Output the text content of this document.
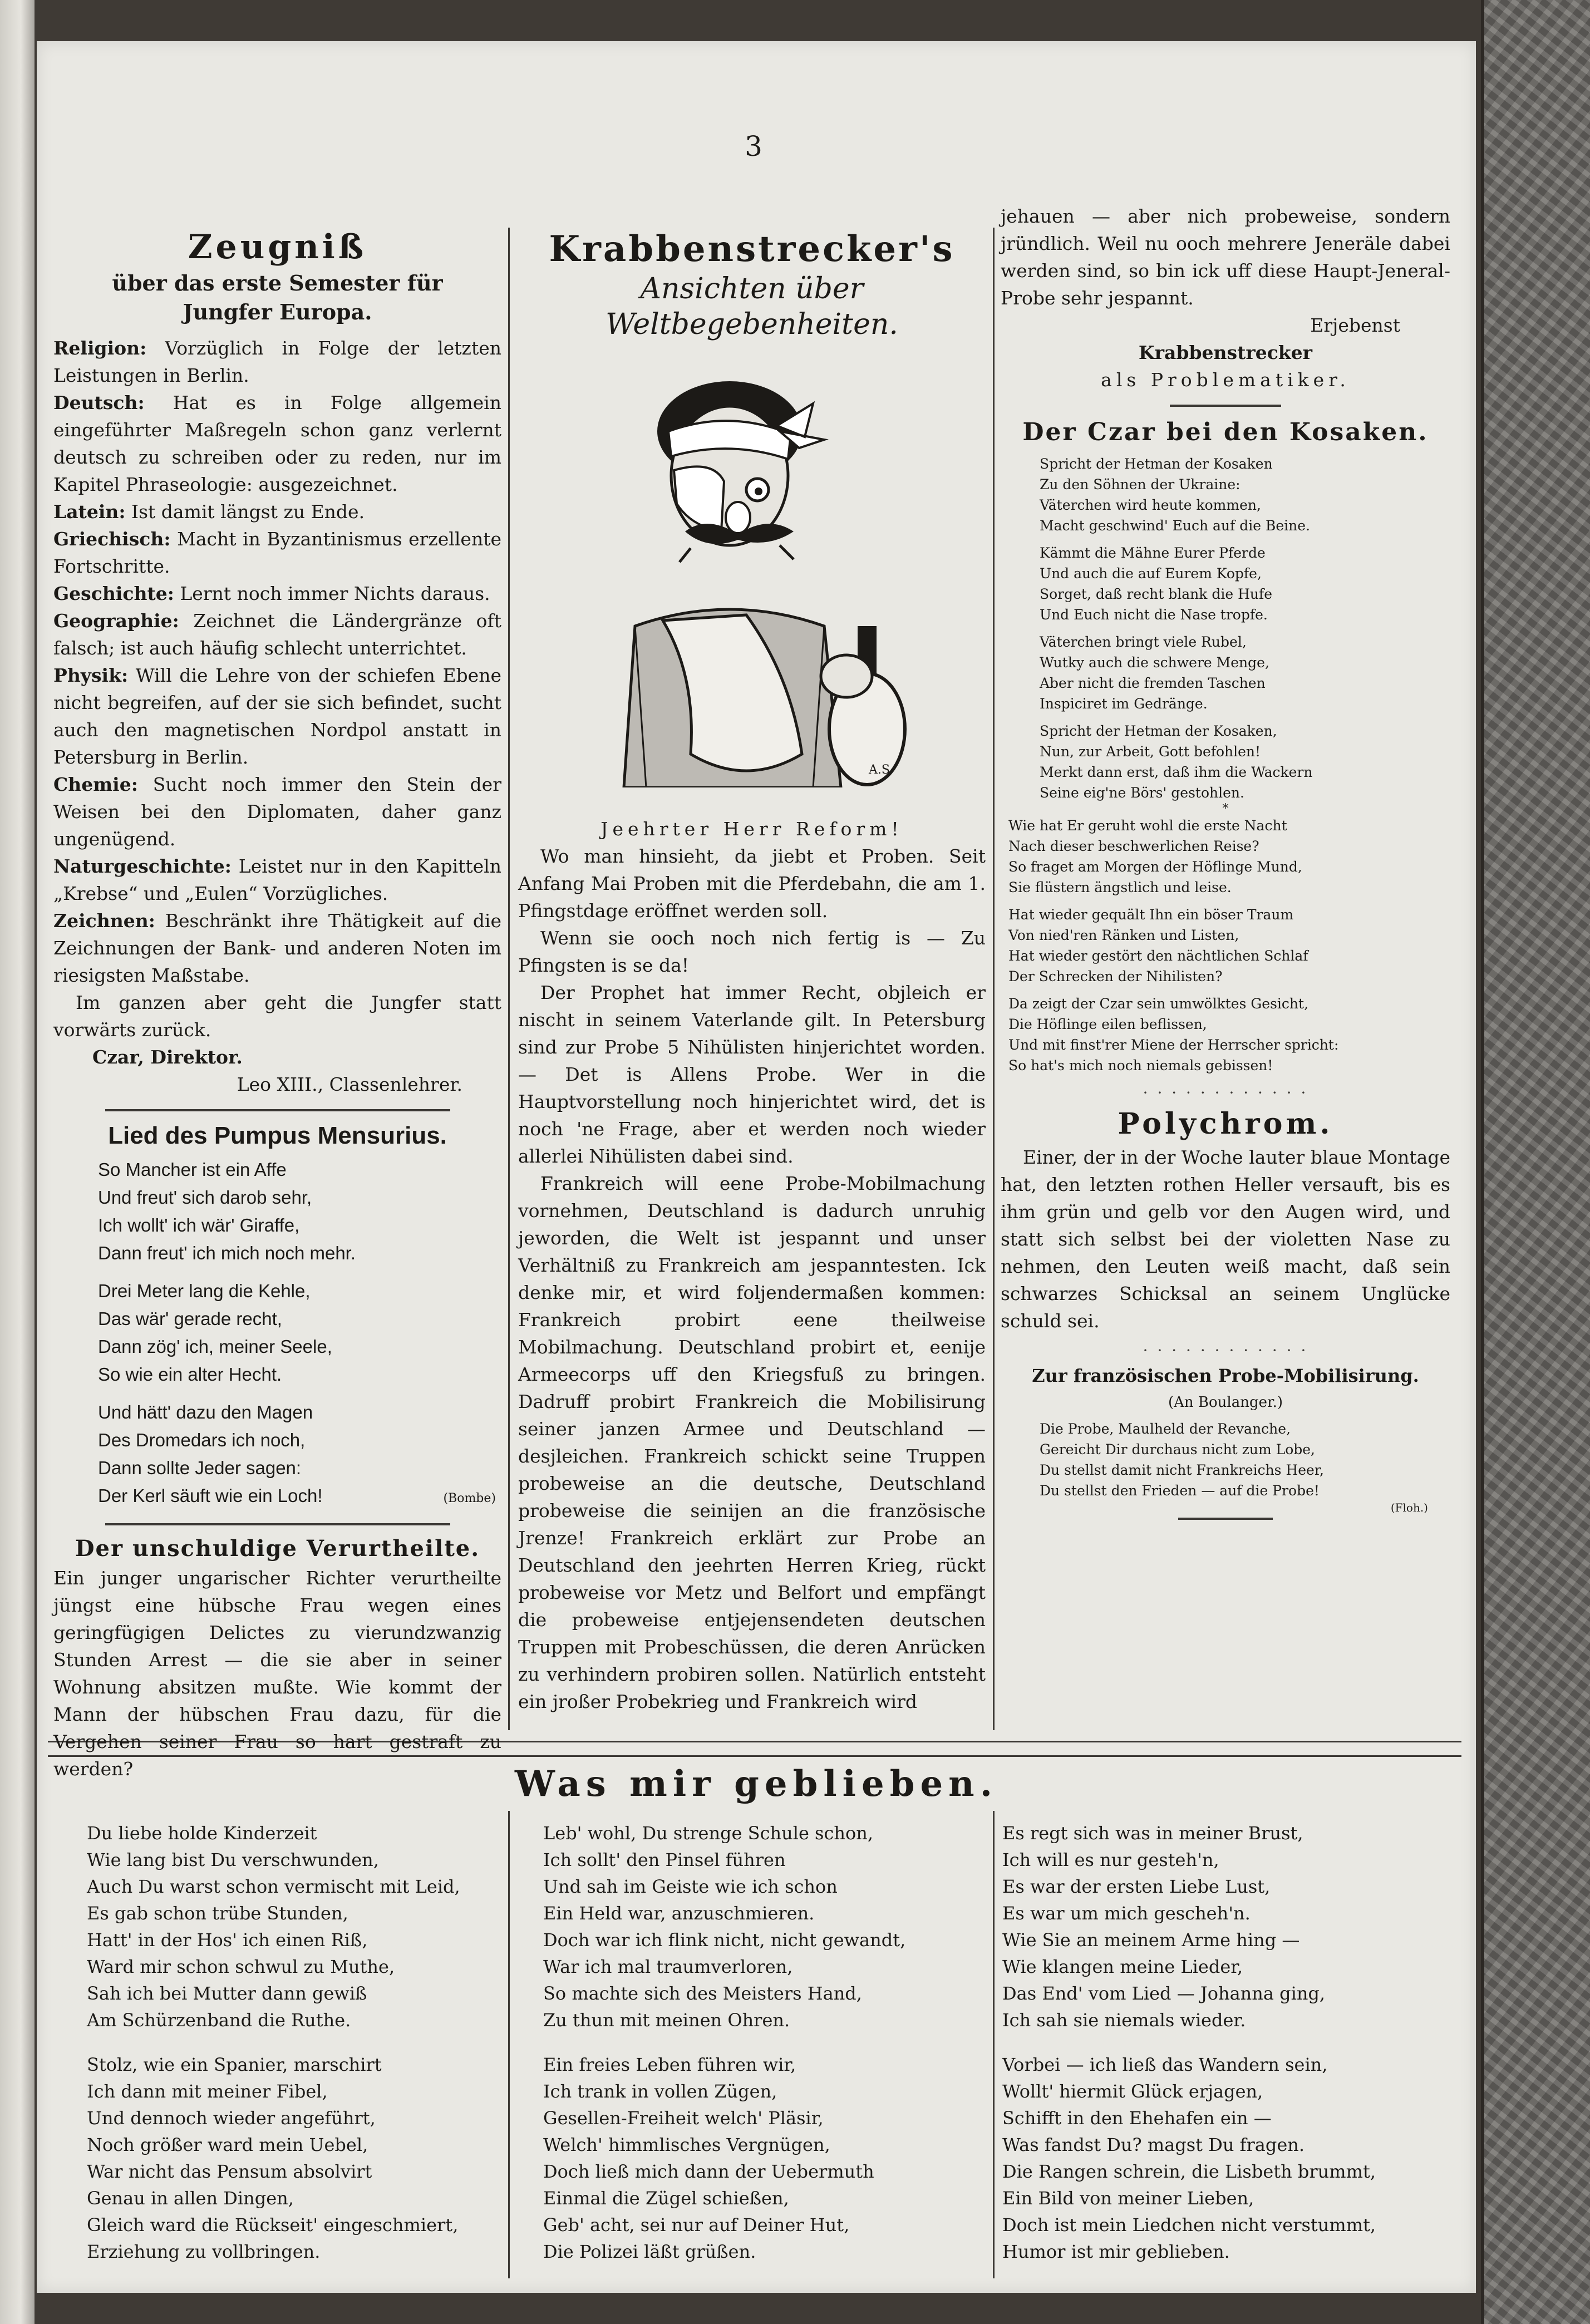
3
Zeugniß
über das erste Semester für Jungfer Europa.

Religion: Vorzüglich in Folge der letzten Leistungen in Berlin.

Deutsch: Hat es in Folge allgemein eingeführter Maßregeln schon ganz verlernt deutsch zu schreiben oder zu reden, nur im Kapitel Phraseologie: ausgezeichnet.

Latein: Ist damit längst zu Ende.

Griechisch: Macht in Byzantinismus erzellente Fortschritte.

Geschichte: Lernt noch immer Nichts daraus.

Geographie: Zeichnet die Ländergränze oft falsch; ist auch häufig schlecht unterrichtet.

Physik: Will die Lehre von der schiefen Ebene nicht begreifen, auf der sie sich befindet, sucht auch den magnetischen Nordpol anstatt in Petersburg in Berlin.

Chemie: Sucht noch immer den Stein der Weisen bei den Diplomaten, daher ganz ungenügend.

Naturgeschichte: Leistet nur in den Kapitteln „Krebse“ und „Eulen“ Vorzügliches.

Zeichnen: Beschränkt ihre Thätigkeit auf die Zeichnungen der Bank- und anderen Noten im riesigsten Maßstabe.

Im ganzen aber geht die Jungfer statt vorwärts zurück.

Czar, Direktor.

Leo XIII., Classenlehrer.

Lied des Pumpus Mensurius.

So Mancher ist ein Affe
Und freut' sich darob sehr,
Ich wollt' ich wär' Giraffe,
Dann freut' ich mich noch mehr.

Drei Meter lang die Kehle,
Das wär' gerade recht,
Dann zög' ich, meiner Seele,
So wie ein alter Hecht.

Und hätt' dazu den Magen
Des Dromedars ich noch,
Dann sollte Jeder sagen:
Der Kerl säuft wie ein Loch!	(Bombe)
Der unschuldige Verurtheilte.

Ein junger ungarischer Richter verurtheilte jüngst eine hübsche Frau wegen eines geringfügigen Delictes zu vierundzwanzig Stunden Arrest — die sie aber in seiner Wohnung absitzen mußte. Wie kommt der Mann der hübschen Frau dazu, für die Vergehen seiner Frau so hart gestraft zu werden?

Krabbenstrecker's
Ansichten über Weltbegebenheiten.
A.S.

Jeehrter Herr Reform!

Wo man hinsieht, da jiebt et Proben. Seit Anfang Mai Proben mit die Pferdebahn, die am 1. Pfingstdage eröffnet werden soll.

Wenn sie ooch noch nich fertig is — Zu Pfingsten is se da!

Der Prophet hat immer Recht, objleich er nischt in seinem Vaterlande gilt. In Petersburg sind zur Probe 5 Nihülisten hinjerichtet worden. — Det is Allens Probe. Wer in die Hauptvorstellung noch hinjerichtet wird, det is noch 'ne Frage, aber et werden noch wieder allerlei Nihülisten dabei sind.

Frankreich will eene Probe-Mobilmachung vornehmen, Deutschland is dadurch unruhig jeworden, die Welt ist jespannt und unser Verhältniß zu Frankreich am jespanntesten. Ick denke mir, et wird foljendermaßen kommen: Frankreich probirt eene theilweise Mobilmachung. Deutschland probirt et, eenije Armeecorps uff den Kriegsfuß zu bringen. Dadruff probirt Frankreich die Mobilisirung seiner janzen Armee und Deutschland — desjleichen. Frankreich schickt seine Truppen probeweise an die deutsche, Deutschland probeweise die seinijen an die französische Jrenze! Frankreich erklärt zur Probe an Deutschland den jeehrten Herren Krieg, rückt probeweise vor Metz und Belfort und empfängt die probeweise entjejensendeten deutschen Truppen mit Probeschüssen, die deren Anrücken zu verhindern probiren sollen. Natürlich entsteht ein jroßer Probekrieg und Frankreich wird

jehauen — aber nich probeweise, sondern jründlich. Weil nu ooch mehrere Jeneräle dabei werden sind, so bin ick uff diese Haupt-Jeneral-Probe sehr jespannt.

Erjebenst

Krabbenstrecker

als Problematiker.

Der Czar bei den Kosaken.

Spricht der Hetman der Kosaken
Zu den Söhnen der Ukraine:
Väterchen wird heute kommen,
Macht geschwind' Euch auf die Beine.

Kämmt die Mähne Eurer Pferde
Und auch die auf Eurem Kopfe,
Sorget, daß recht blank die Hufe
Und Euch nicht die Nase tropfe.

Väterchen bringt viele Rubel,
Wutky auch die schwere Menge,
Aber nicht die fremden Taschen
Inspiciret im Gedränge.

Spricht der Hetman der Kosaken,
Nun, zur Arbeit, Gott befohlen!
Merkt dann erst, daß ihm die Wackern
Seine eig'ne Börs' gestohlen.

*

Wie hat Er geruht wohl die erste Nacht
Nach dieser beschwerlichen Reise?
So fraget am Morgen der Höflinge Mund,
Sie flüstern ängstlich und leise.

Hat wieder gequält Ihn ein böser Traum
Von nied'ren Ränken und Listen,
Hat wieder gestört den nächtlichen Schlaf
Der Schrecken der Nihilisten?

Da zeigt der Czar sein umwölktes Gesicht,
Die Höflinge eilen beflissen,
Und mit finst'rer Miene der Herrscher spricht:
So hat's mich noch niemals gebissen!

· · · · · · · · · · · ·
Polychrom.

Einer, der in der Woche lauter blaue Montage hat, den letzten rothen Heller versauft, bis es ihm grün und gelb vor den Augen wird, und statt sich selbst bei der violetten Nase zu nehmen, den Leuten weiß macht, daß sein schwarzes Schicksal an seinem Unglücke schuld sei.

· · · · · · · · · · · ·
Zur französischen Probe-Mobilisirung.

(An Boulanger.)

Die Probe, Maulheld der Revanche,
Gereicht Dir durchaus nicht zum Lobe,
Du stellst damit nicht Frankreichs Heer,
Du stellst den Frieden — auf die Probe!

(Floh.)

Was mir geblieben.

Du liebe holde Kinderzeit
Wie lang bist Du verschwunden,
Auch Du warst schon vermischt mit Leid,
Es gab schon trübe Stunden,
Hatt' in der Hos' ich einen Riß,
Ward mir schon schwul zu Muthe,
Sah ich bei Mutter dann gewiß
Am Schürzenband die Ruthe.

Stolz, wie ein Spanier, marschirt
Ich dann mit meiner Fibel,
Und dennoch wieder angeführt,
Noch größer ward mein Uebel,
War nicht das Pensum absolvirt
Genau in allen Dingen,
Gleich ward die Rückseit' eingeschmiert,
Erziehung zu vollbringen.

Leb' wohl, Du strenge Schule schon,
Ich sollt' den Pinsel führen
Und sah im Geiste wie ich schon
Ein Held war, anzuschmieren.
Doch war ich flink nicht, nicht gewandt,
War ich mal traumverloren,
So machte sich des Meisters Hand,
Zu thun mit meinen Ohren.

Ein freies Leben führen wir,
Ich trank in vollen Zügen,
Gesellen-Freiheit welch' Pläsir,
Welch' himmlisches Vergnügen,
Doch ließ mich dann der Uebermuth
Einmal die Zügel schießen,
Geb' acht, sei nur auf Deiner Hut,
Die Polizei läßt grüßen.

Es regt sich was in meiner Brust,
Ich will es nur gesteh'n,
Es war der ersten Liebe Lust,
Es war um mich gescheh'n.
Wie Sie an meinem Arme hing —
Wie klangen meine Lieder,
Das End' vom Lied — Johanna ging,
Ich sah sie niemals wieder.

Vorbei — ich ließ das Wandern sein,
Wollt' hiermit Glück erjagen,
Schifft in den Ehehafen ein —
Was fandst Du? magst Du fragen.
Die Rangen schrein, die Lisbeth brummt,
Ein Bild von meiner Lieben,
Doch ist mein Liedchen nicht verstummt,
Humor ist mir geblieben.
